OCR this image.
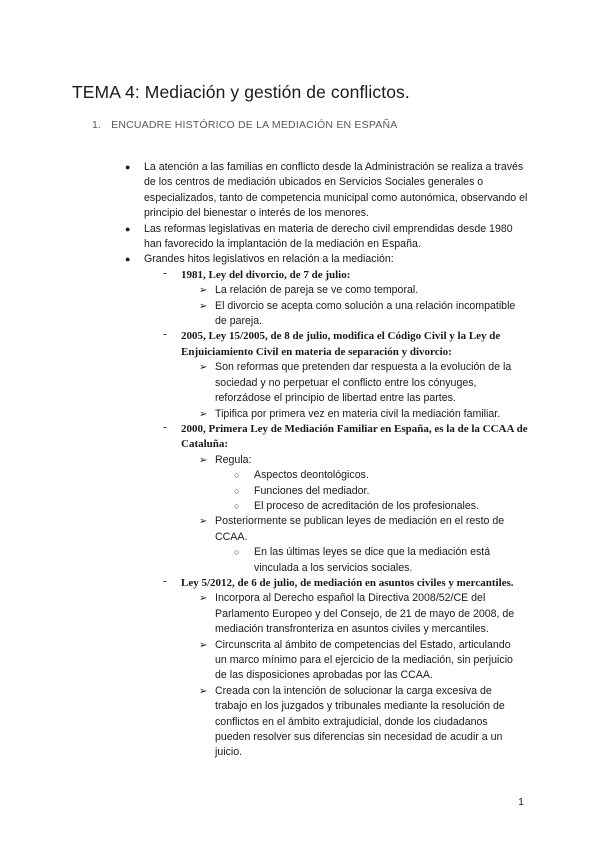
TEMA 4: Mediación y gestión de conflictos.
1. ENCUADRE HISTÓRICO DE LA MEDIACIÓN EN ESPAÑA
● La atención a las familias en conflicto desde la Administración se realiza a través de los centros de mediación ubicados en Servicios Sociales generales o especializados, tanto de competencia municipal como autonómica, observando el principio del bienestar o interés de los menores.
● Las reformas legislativas en materia de derecho civil emprendidas desde 1980 han favorecido la implantación de la mediación en España.
● Grandes hitos legislativos en relación a la mediación:
- 1981, Ley del divorcio, de 7 de julio:
➢ La relación de pareja se ve como temporal.
➢ El divorcio se acepta como solución a una relación incompatible de pareja.
- 2005, Ley 15/2005, de 8 de julio, modifica el Código Civil y la Ley de Enjuiciamiento Civil en materia de separación y divorcio:
➢ Son reformas que pretenden dar respuesta a la evolución de la sociedad y no perpetuar el conflicto entre los cónyuges, reforzádose el principio de libertad entre las partes.
➢ Tipifica por primera vez en materia civil la mediación familiar.
- 2000, Primera Ley de Mediación Familiar en España, es la de la CCAA de Cataluña:
➢ Regula:
○ Aspectos deontológicos.
○ Funciones del mediador.
○ El proceso de acreditación de los profesionales.
➢ Posteriormente se publican leyes de mediación en el resto de CCAA.
○ En las últimas leyes se dice que la mediación está vinculada a los servicios sociales.
- Ley 5/2012, de 6 de julio, de mediación en asuntos civiles y mercantiles.
➢ Incorpora al Derecho español la Directiva 2008/52/CE del Parlamento Europeo y del Consejo, de 21 de mayo de 2008, de mediación transfronteriza en asuntos civiles y mercantiles.
➢ Circunscrita al ámbito de competencias del Estado, articulando un marco mínimo para el ejercicio de la mediación, sin perjuicio de las disposiciones aprobadas por las CCAA.
➢ Creada con la intención de solucionar la carga excesiva de trabajo en los juzgados y tribunales mediante la resolución de conflictos en el ámbito extrajudicial, donde los ciudadanos pueden resolver sus diferencias sin necesidad de acudir a un juicio.
1
